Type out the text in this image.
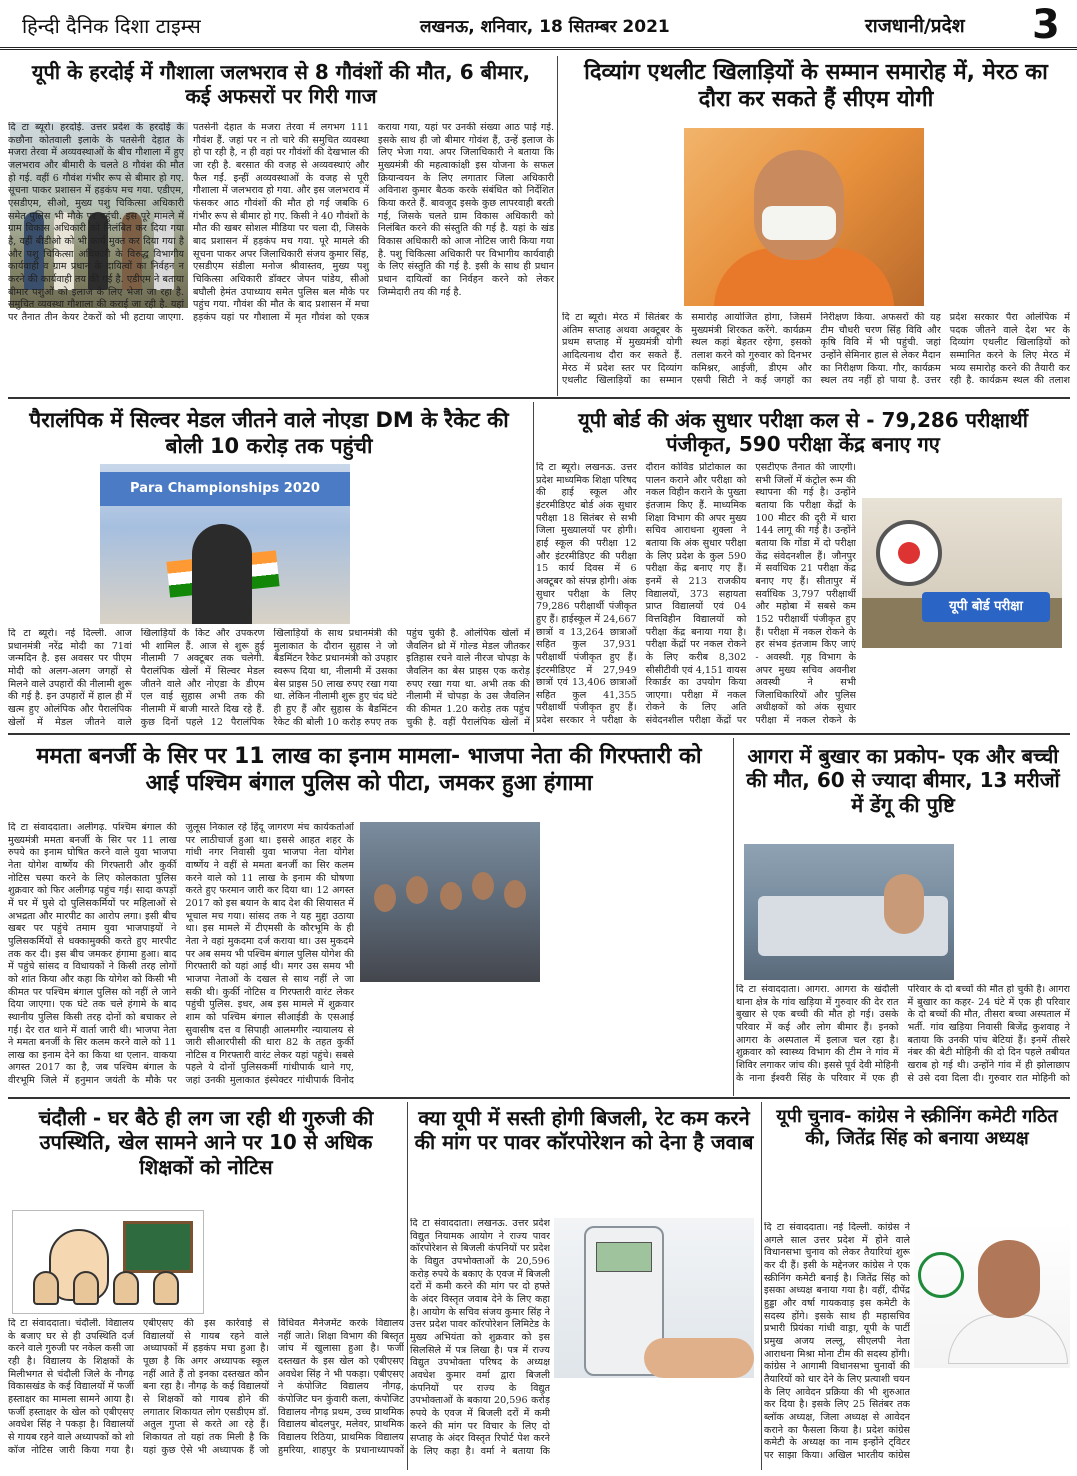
हिन्दी दैनिक दिशा टाइम्स	लखनऊ, शनिवार, 18 सितम्बर 2021	राजधानी/प्रदेश 3
यूपी के हरदोई में गौशाला जलभराव से 8 गौवंशों की मौत, 6 बीमार, कई अफसरों पर गिरी गाज
दि टा ब्यूरो। हरदोई. उत्तर प्रदेश के हरदोई के कछौना कोतवाली इलाके के पतसेनी देहात के मजरा तेरवा में अव्यवस्थाओं के बीच गौशाला में हुए जलभराव और बीमारी के चलते 8 गौवंश की मौत हो गई. वहीं 6 गौवंश गंभीर रूप से बीमार हो गए. सूचना पाकर प्रशासन में हड़कंप मच गया. एडीएम, एसडीएम, सीओ, मुख्य पशु चिकित्सा अधिकारी समेत पुलिस भी मौके पर पहुंची. इस पूरे मामले में ग्राम विकास अधिकारी को निलंबित कर दिया गया है, वहीं बीडीओ को भी कार्य मुक्त कर दिया गया है और पशु चिकित्सा अधिकारी के विरुद्ध विभागीय कार्यवाही व ग्राम प्रधान के दायित्वों का निर्वहन न करने की कार्यवाही तय की गई है. एडीएम ने बताया बीमार पशुओं को इलाज के लिए भेजा जा रहा है. समुचित व्यवस्था गौशाला की कराई जा रही है. यहां पर तैनात तीन केयर टेकरों को भी हटाया जाएगा. पतसेनी देहात के मजरा तेरवा में लगभग 111 गौवंश हैं. जहां पर न तो चारे की समुचित व्यवस्था हो पा रही है, न ही वहां पर गौवंशों की देखभाल की जा रही है. बरसात की वजह से अव्यवस्थाएं और फैल गईं. इन्हीं अव्यवस्थाओं के वजह से पूरी गौशाला में जलभराव हो गया. और इस जलभराव में फंसकर आठ गौवंशों की मौत हो गई जबकि 6 गंभीर रूप से बीमार हो गए. किसी ने 40 गौवंशों के मौत की खबर सोशल मीडिया पर चला दी, जिसके बाद प्रशासन में हड़कंप मच गया. पूरे मामले की सूचना पाकर अपर जिलाधिकारी संजय कुमार सिंह, एसडीएम संडीला मनोज श्रीवास्तव, मुख्य पशु चिकित्सा अधिकारी डॉक्टर जेपन पांडेय, सीओ बघौली हेमंत उपाध्याय समेत पुलिस बल मौके पर पहुंच गया. गौवंश की मौत के बाद प्रशासन में मचा हड़कंप यहां पर गौशाला में मृत गौवंश को एकत्र कराया गया, यहां पर उनकी संख्या आठ पाई गई. इसके साथ ही जो बीमार गोवंश हैं, उन्हें इलाज के लिए भेजा गया. अपर जिलाधिकारी ने बताया कि मुख्यमंत्री की महत्वाकांक्षी इस योजना के सफल क्रियान्वयन के लिए लगातार जिला अधिकारी अविनाश कुमार बैठक करके संबंधित को निर्देशित किया करते हैं. बावजूद इसके कुछ लापरवाही बरती गई, जिसके चलते ग्राम विकास अधिकारी को निलंबित करने की संस्तुति की गई है. यहां के खंड विकास अधिकारी को आज नोटिस जारी किया गया है. पशु चिकित्सा अधिकारी पर विभागीय कार्यवाही के लिए संस्तुति की गई है. इसी के साथ ही प्रधान प्रधान दायित्वों का निर्वहन करने को लेकर जिम्मेदारी तय की गई है.
दिव्यांग एथलीट खिलाड़ियों के सम्मान समारोह में, मेरठ का दौरा कर सकते हैं सीएम योगी
दि टा ब्यूरो। मेरठ में सितंबर के अंतिम सप्ताह अथवा अक्टूबर के प्रथम सप्ताह में मुख्यमंत्री योगी आदित्यनाथ दौरा कर सकते हैं. मेरठ में प्रदेश स्तर पर दिव्यांग एथलीट खिलाड़ियों का सम्मान समारोह आयोजित होगा, जिसमें मुख्यमंत्री शिरकत करेंगे. कार्यक्रम स्थल कहां बेहतर रहेगा, इसको तलाश करने को गुरुवार को दिनभर कमिश्नर, आईजी, डीएम और एसपी सिटी ने कई जगहों का निरीक्षण किया. अफसरों की यह टीम चौधरी चरण सिंह विवि और कृषि विवि में भी पहुंची. जहां उन्होंने सेमिनार हाल से लेकर मैदान का निरीक्षण किया. गौर, कार्यक्रम स्थल तय नहीं हो पाया है. उत्तर प्रदेश सरकार पैरा ओलंपिक में पदक जीतने वाले देश भर के दिव्यांग एथलीट खिलाड़ियों को सम्मानित करने के लिए मेरठ में भव्य समारोह करने की तैयारी कर रही है. कार्यक्रम स्थल की तलाश
पैरालंपिक में सिल्वर मेडल जीतने वाले नोएडा DM के रैकेट की बोली 10 करोड़ तक पहुंची
Para Championships 2020
दि टा ब्यूरो। नई दिल्ली. आज प्रधानमंत्री नरेंद्र मोदी का 71वां जन्मदिन है. इस अवसर पर पीएम मोदी को अलग-अलग जगहों से मिलने वाले उपहारों की नीलामी शुरू की गई है. इन उपहारों में हाल ही में खत्म हुए ओलंपिक और पैरालंपिक खेलों में मेडल जीतने वाले खिलाड़ियों के किट और उपकरण भी शामिल हैं. आज से शुरू हुई नीलामी 7 अक्टूबर तक चलेगी. पैरालंपिक खेलों में सिल्वर मेडल जीतने वाले और नोएडा के डीएम एल वाई सुहास अभी तक की नीलामी में बाजी मारते दिख रहे हैं. कुछ दिनों पहले 12 पैरालंपिक खिलाड़ियों के साथ प्रधानमंत्री की मुलाकात के दौरान सुहास ने जो बैडमिंटन रैकेट प्रधानमंत्री को उपहार स्वरूप दिया था, नीलामी में उसका बेस प्राइस 50 लाख रुपए रखा गया था. लेकिन नीलामी शुरू हुए चंद घंटे ही हुए हैं और सुहास के बैडमिंटन रैकेट की बोली 10 करोड़ रुपए तक पहुंच चुकी है. ओलंपिक खेलों में जैवलिन थ्रो में गोल्ड मेडल जीतकर इतिहास रचने वाले नीरज चोपड़ा के जैवलिन का बेस प्राइस एक करोड़ रुपए रखा गया था. अभी तक की नीलामी में चोपड़ा के उस जैवलिन की कीमत 1.20 करोड़ तक पहुंच चुकी है. वहीं पैरालंपिक खेलों में
यूपी बोर्ड की अंक सुधार परीक्षा कल से - 79,286 परीक्षार्थी पंजीकृत, 590 परीक्षा केंद्र बनाए गए
यूपी बोर्ड परीक्षा
दि टा ब्यूरो। लखनऊ. उत्तर प्रदेश माध्यमिक शिक्षा परिषद की हाई स्कूल और इंटरमीडिएट बोर्ड अंक सुधार परीक्षा 18 सितंबर से सभी जिला मुख्यालयों पर होगी। हाई स्कूल की परीक्षा 12 और इंटरमीडिएट की परीक्षा 15 कार्य दिवस में 6 अक्टूबर को संपन्न होगी। अंक सुधार परीक्षा के लिए 79,286 परीक्षार्थी पंजीकृत हुए हैं। हाईस्कूल में 24,667 छात्रों व 13,264 छात्राओं सहित कुल 37,931 परीक्षार्थी पंजीकृत हुए हैं। इंटरमीडिएट में 27,949 छात्रों एवं 13,406 छात्राओं सहित कुल 41,355 परीक्षार्थी पंजीकृत हुए हैं। प्रदेश सरकार ने परीक्षा के दौरान कोविड प्रोटोकाल का पालन कराने और परीक्षा को नकल विहीन कराने के पुख्ता इंतजाम किए हैं. माध्यमिक शिक्षा विभाग की अपर मुख्य सचिव आराधना शुक्ला ने बताया कि अंक सुधार परीक्षा के लिए प्रदेश के कुल 590 परीक्षा केंद्र बनाए गए हैं। इनमें से 213 राजकीय विद्यालयों, 373 सहायता प्राप्त विद्यालयों एवं 04 वित्तविहीन विद्यालयों को परीक्षा केंद्र बनाया गया है। परीक्षा केंद्रों पर नकल रोकने के लिए करीब 8,302 सीसीटीवी एवं 4,151 वायस रिकार्डर का उपयोग किया जाएगा। परीक्षा में नकल रोकने के लिए अति संवेदनशील परीक्षा केंद्रों पर एसटीएफ तैनात की जाएगी। सभी जिलों में कंट्रोल रूम की स्थापना की गई है। उन्होंने बताया कि परीक्षा केंद्रों के 100 मीटर की दूरी में धारा 144 लागू की गई है। उन्होंने बताया कि गोंडा में दो परीक्षा केंद्र संवेदनशील हैं। जौनपुर में सर्वाधिक 21 परीक्षा केंद्र बनाए गए हैं। सीतापुर में सर्वाधिक 3,797 परीक्षार्थी और महोबा में सबसे कम 152 परीक्षार्थी पंजीकृत हुए हैं। परीक्षा में नकल रोकने के हर संभव इंतजाम किए जाएं - अवस्थी. गृह विभाग के अपर मुख्य सचिव अवनीश अवस्थी ने सभी जिलाधिकारियों और पुलिस अधीक्षकों को अंक सुधार परीक्षा में नकल रोकने के
ममता बनर्जी के सिर पर 11 लाख का इनाम मामला- भाजपा नेता की गिरफ्तारी को आई पश्चिम बंगाल पुलिस को पीटा, जमकर हुआ हंगामा
दि टा संवाददाता। अलीगढ़. पश्चिम बंगाल की मुख्यमंत्री ममता बनर्जी के सिर पर 11 लाख रुपये का इनाम घोषित करने वाले युवा भाजपा नेता योगेश वार्ष्णेय की गिरफ्तारी और कुर्की नोटिस चस्पा करने के लिए कोलकाता पुलिस शुक्रवार को फिर अलीगढ़ पहुंच गई। सादा कपड़ों में घर में घुसे दो पुलिसकर्मियों पर महिलाओं से अभद्रता और मारपीट का आरोप लगा। इसी बीच खबर पर पहुंचे तमाम युवा भाजपाइयों ने पुलिसकर्मियों से धक्कामुक्की करते हुए मारपीट तक कर दी। इस बीच जमकर हंगामा हुआ। बाद में पहुंचे सांसद व विधायकों ने किसी तरह लोगों को शांत किया और कहा कि योगेश को किसी भी कीमत पर पश्चिम बंगाल पुलिस को नहीं ले जाने दिया जाएगा। एक घंटे तक चले हंगामे के बाद स्थानीय पुलिस किसी तरह दोनों को बचाकर ले गई। देर रात थाने में वार्ता जारी थी। भाजपा नेता ने ममता बनर्जी के सिर कलम करने वाले को 11 लाख का इनाम देने का किया था एलान. वाकया अगस्त 2017 का है, जब पश्चिम बंगाल के वीरभूमि जिले में हनुमान जयंती के मौके पर जुलूस निकाल रहे हिंदू जागरण मंच कार्यकर्ताओं पर लाठीचार्ज हुआ था। इससे आहत शहर के गांधी नगर निवासी युवा भाजपा नेता योगेश वार्ष्णेय ने वहीं से ममता बनर्जी का सिर कलम करने वाले को 11 लाख के इनाम की घोषणा करते हुए फरमान जारी कर दिया था। 12 अगस्त 2017 को इस बयान के बाद देश की सियासत में भूचाल मच गया। सांसद तक ने यह मुद्दा उठाया था। इस मामले में टीएमसी के कौरभूमि के ही नेता ने वहां मुकदमा दर्ज कराया था। उस मुकदमे पर अब समय भी पश्चिम बंगाल पुलिस योगेश की गिरफ्तारी को यहां आई थी। मगर उस समय भी भाजपा नेताओं के दखल से साथ नहीं ले जा सकी थी। कुर्की नोटिस व गिरफ्तारी वारंट लेकर पहुंची पुलिस. इधर, अब इस मामले में शुक्रवार शाम को पश्चिम बंगाल सीआईडी के एसआई सुवासीष दत्त व सिपाही आलमगीर न्यायालय से जारी सीआरपीसी की धारा 82 के तहत कुर्की नोटिस व गिरफ्तारी वारंट लेकर यहां पहुंचे। सबसे पहले ये दोनों पुलिसकर्मी गांधीपार्क थाने गए, जहां उनकी मुलाकात इंस्पेक्टर गांधीपार्क विनोद
आगरा में बुखार का प्रकोप- एक और बच्ची की मौत, 60 से ज्यादा बीमार, 13 मरीजों में डेंगू की पुष्टि
दि टा संवाददाता। आगरा. आगरा के खंदौली थाना क्षेत्र के गांव खड़िया में गुरुवार की देर रात बुखार से एक बच्ची की मौत हो गई। उसके परिवार में कई और लोग बीमार हैं। इनको आगरा के अस्पताल में इलाज चल रहा है। शुक्रवार को स्वास्थ्य विभाग की टीम ने गांव में शिविर लगाकर जांच की। इससे पूर्व देवी मोहिनी के नाना ईश्वरी सिंह के परिवार में एक ही परिवार के दो बच्चों की मौत हो चुकी है। आगरा में बुखार का कहर- 24 घंटे में एक ही परिवार के दो बच्चों की मौत, तीसरा बच्चा अस्पताल में भर्ती. गांव खड़िया निवासी बिजेंद्र कुशवाह ने बताया कि उनकी पांच बेटियां हैं। इनमें तीसरे नंबर की बेटी मोहिनी की दो दिन पहले तबीयत खराब हो गई थी। उन्होंने गांव में ही झोलाछाप से उसे दवा दिला दी। गुरुवार रात मोहिनी को
चंदौली - घर बैठे ही लग जा रही थी गुरुजी की उपस्थिति, खेल सामने आने पर 10 से अधिक शिक्षकों को नोटिस
दि टा संवाददाता। चंदौली. विद्यालय के बजाए घर से ही उपस्थिति दर्ज करने वाले गुरुजी पर नकेल कसी जा रही है। विद्यालय के शिक्षकों के मिलीभगत से चंदौली जिले के नौगढ़ विकासखंड के कई विद्यालयों में फर्जी हस्ताक्षर का मामला सामने आया है। फर्जी हस्ताक्षर के खेल को एबीएसए अवधेश सिंह ने पकड़ा है। विद्यालयों से गायब रहने वाले अध्यापकों को शो कॉज नोटिस जारी किया गया है। एबीएसए की इस कार्रवाई से विद्यालयों से गायब रहने वाले अध्यापकों में हड़कंप मचा हुआ है। पूछा है कि अगर अध्यापक स्कूल नहीं आते हैं तो इनका दस्तखत कौन बना रहा है। नौगढ़ के कई विद्यालयों से शिक्षकों को गायब होने की लगातार शिकायत लोग एसडीएम डॉ. अतुल गुप्ता से करते आ रहे हैं। शिकायत तो यहां तक मिली है कि यहां कुछ ऐसे भी अध्यापक हैं जो विधिवत मैनेजमेंट करके विद्यालय नहीं जाते। शिक्षा विभाग की बिस्तृत जांच में खुलासा हुआ है। फर्जी दस्तखत के इस खेल को एबीएसए अवधेश सिंह ने भी पकड़ा। एबीएसए ने कंपोजिट विद्यालय नौगढ़, कंपोजिट घन कुंवारी कला, कंपोजिट विद्यालय नौगढ़ प्रथम, उच्च प्राथमिक विद्यालय बोदलपुर, मलेवर, प्राथमिक विद्यालय रिठिया, प्राथमिक विद्यालय हुमरिया, शाहपुर के प्रधानाध्यापकों
क्या यूपी में सस्ती होगी बिजली, रेट कम करने की मांग पर पावर कॉरपोरेशन को देना है जवाब
दि टा संवाददाता। लखनऊ. उत्तर प्रदेश विद्युत नियामक आयोग ने राज्य पावर कॉरपोरेशन से बिजली कंपनियों पर प्रदेश के विद्युत उपभोक्ताओं के 20,596 करोड़ रुपये के बकाए के एवज में बिजली दरों में कमी करने की मांग पर दो हफ्ते के अंदर विस्तृत जवाब देने के लिए कहा है। आयोग के सचिव संजय कुमार सिंह ने उत्तर प्रदेश पावर कॉरपोरेशन लिमिटेड के मुख्य अभियंता को शुक्रवार को इस सिलसिले में पत्र लिखा है। पत्र में राज्य विद्युत उपभोक्ता परिषद के अध्यक्ष अवधेश कुमार वर्मा द्वारा बिजली कंपनियों पर राज्य के विद्युत उपभोक्ताओं के बकाया 20,596 करोड़ रुपये के एवज में बिजली दरों में कमी करने की मांग पर विचार के लिए दो सप्ताह के अंदर विस्तृत रिपोर्ट पेश करने के लिए कहा है। वर्मा ने बताया कि
यूपी चुनाव- कांग्रेस ने स्क्रीनिंग कमेटी गठित की, जितेंद्र सिंह को बनाया अध्यक्ष
दि टा संवाददाता। नई दिल्ली. कांग्रेस ने अगले साल उत्तर प्रदेश में होने वाले विधानसभा चुनाव को लेकर तैयारियां शुरू कर दी हैं। इसी के मद्देनजर कांग्रेस ने एक स्क्रीनिंग कमेटी बनाई है। जितेंद्र सिंह को इसका अध्यक्ष बनाया गया है। वहीं, दीपेंद्र हुड्डा और वर्षा गायकवाड़ इस कमेटी के सदस्य होंगे। इसके साथ ही महासचिव प्रभारी प्रियंका गांधी वाड्रा, यूपी के पार्टी प्रमुख अजय लल्लू, सीएलपी नेता आराधना मिश्रा मोना टीम की सदस्य होंगी। कांग्रेस ने आगामी विधानसभा चुनावों की तैयारियों को धार देने के लिए प्रत्याशी चयन के लिए आवेदन प्रक्रिया की भी शुरुआत कर दिया है। इसके लिए 25 सितंबर तक ब्लॉक अध्यक्ष, जिला अध्यक्ष से आवेदन कराने का फैसला किया है। प्रदेश कांग्रेस कमेटी के अध्यक्ष का नाम इन्होंने ट्विटर पर साझा किया। अखिल भारतीय कांग्रेस
